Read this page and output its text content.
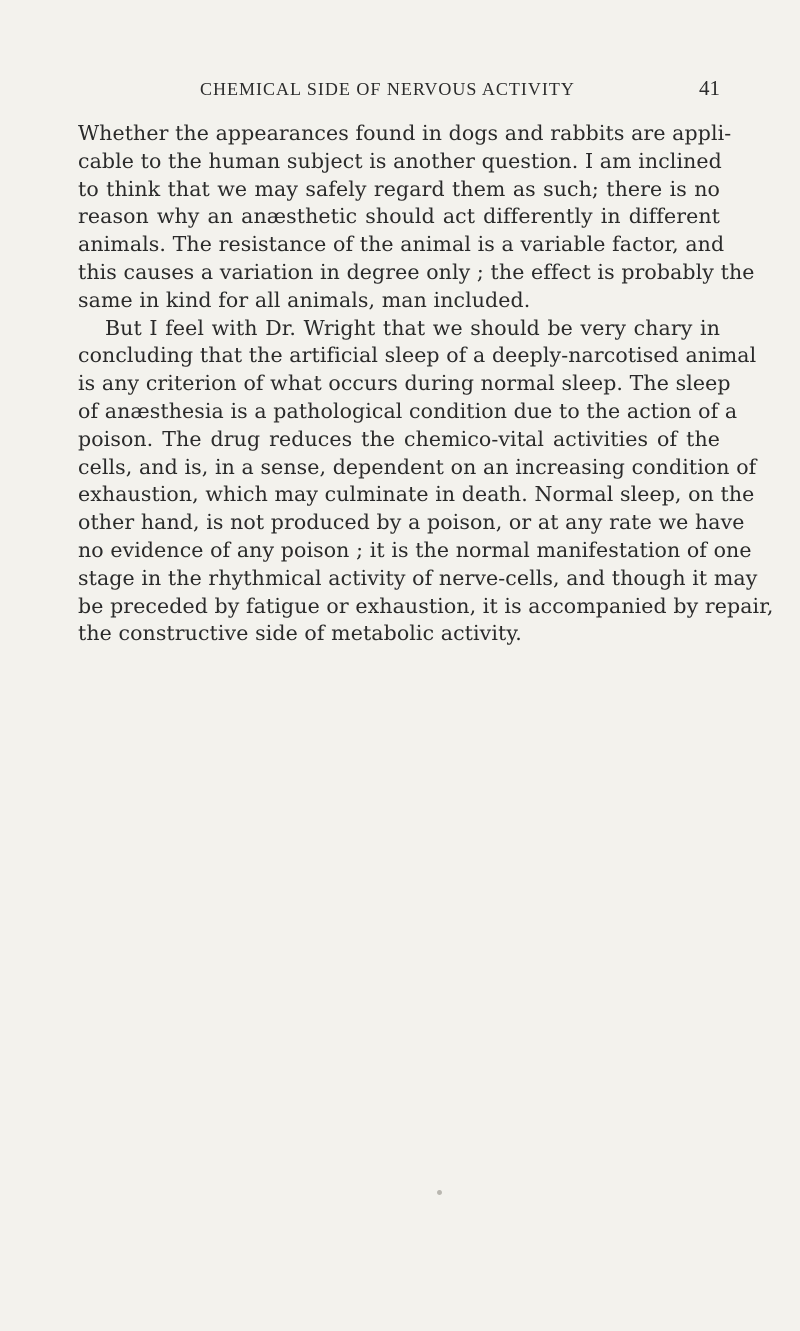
CHEMICAL SIDE OF NERVOUS ACTIVITY	41
Whether the appearances found in dogs and rabbits are appli-
cable to the human subject is another question. I am inclined
to think that we may safely regard them as such; there is no
reason why an anæsthetic should act differently in different
animals. The resistance of the animal is a variable factor, and
this causes a variation in degree only ; the effect is probably the
same in kind for all animals, man included.
But I feel with Dr. Wright that we should be very chary in
concluding that the artificial sleep of a deeply-narcotised animal
is any criterion of what occurs during normal sleep. The sleep
of anæsthesia is a pathological condition due to the action of a
poison. The drug reduces the chemico-vital activities of the
cells, and is, in a sense, dependent on an increasing condition of
exhaustion, which may culminate in death. Normal sleep, on the
other hand, is not produced by a poison, or at any rate we have
no evidence of any poison ; it is the normal manifestation of one
stage in the rhythmical activity of nerve-cells, and though it may
be preceded by fatigue or exhaustion, it is accompanied by repair,
the constructive side of metabolic activity.
